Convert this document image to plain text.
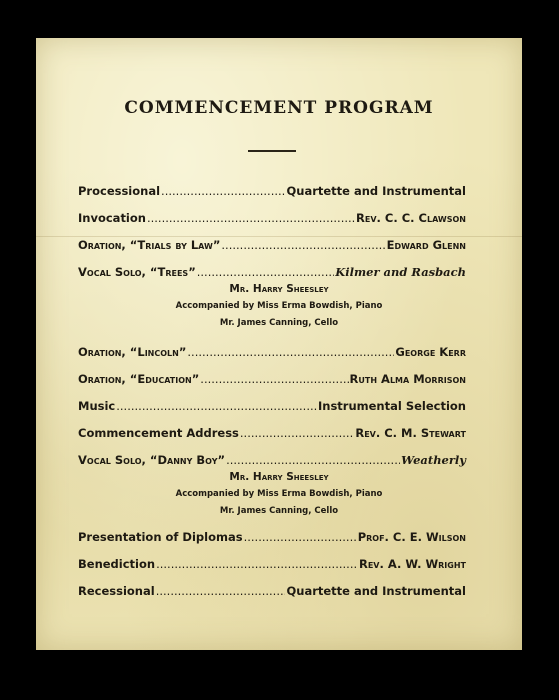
COMMENCEMENT PROGRAM
Processional .....	Quartette and Instrumental
Invocation .....	Rev. C. C. Clawson
Oration, “Trials by Law” .....	Edward Glenn
Vocal Solo, “Trees” .....	Kilmer and Rasbach
Mr. Harry Sheesley
Accompanied by Miss Erma Bowdish, Piano
Mr. James Canning, Cello
Oration, “Lincoln” .....	George Kerr
Oration, “Education” .....	Ruth Alma Morrison
Music .....	Instrumental Selection
Commencement Address .....	Rev. C. M. Stewart
Vocal Solo, “Danny Boy” .....	Weatherly
Mr. Harry Sheesley
Accompanied by Miss Erma Bowdish, Piano
Mr. James Canning, Cello
Presentation of Diplomas .....	Prof. C. E. Wilson
Benediction .....	Rev. A. W. Wright
Recessional .....	Quartette and Instrumental
